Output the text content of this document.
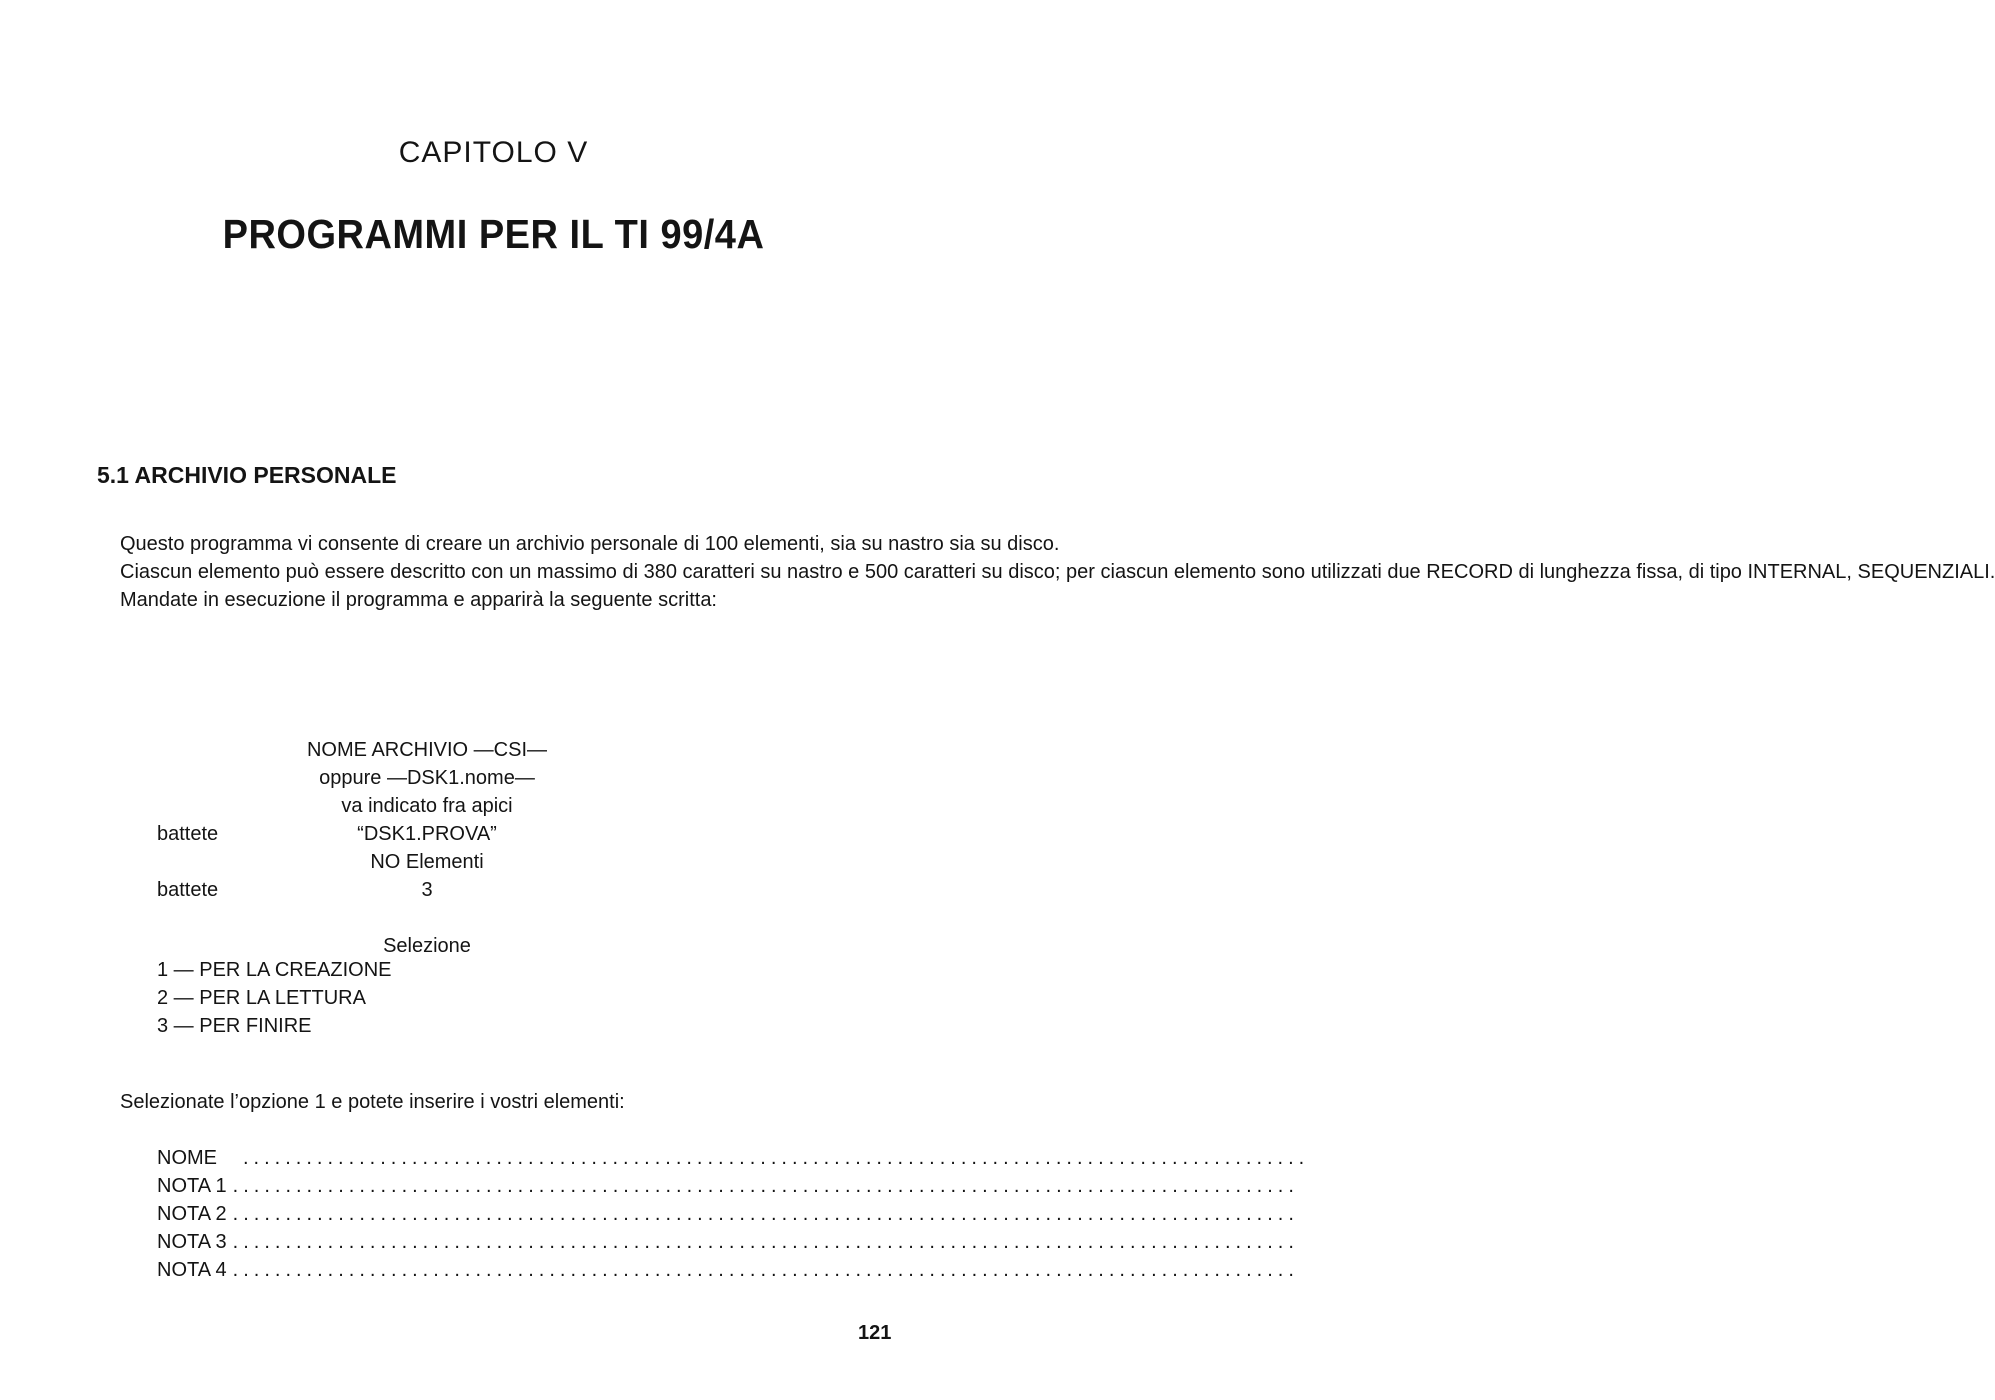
CAPITOLO V
PROGRAMMI PER IL TI 99/4A
5.1 ARCHIVIO PERSONALE

Questo programma vi consente di creare un archivio personale di 100 elementi, sia su nastro sia su disco.

Ciascun elemento può essere descritto con un massimo di 380 caratteri su nastro e 500 caratteri su disco; per ciascun elemento sono utilizzati due RECORD di lunghezza fissa, di tipo INTERNAL, SEQUENZIALI.

Mandate in esecuzione il programma e apparirà la seguente scritta:

NOME ARCHIVIO —CSI—
oppure —DSK1.nome—
va indicato fra apici
“DSK1.PROVA”
NO Elementi
3
Selezione
battete
battete
1 — PER LA CREAZIONE
2 — PER LA LETTURA
3 — PER FINIRE
Selezionate l’opzione 1 e potete inserire i vostri elementi:
NOME .....................................................................................................
NOTA 1 .....................................................................................................
NOTA 2 .....................................................................................................
NOTA 3 .....................................................................................................
NOTA 4 .....................................................................................................
121
